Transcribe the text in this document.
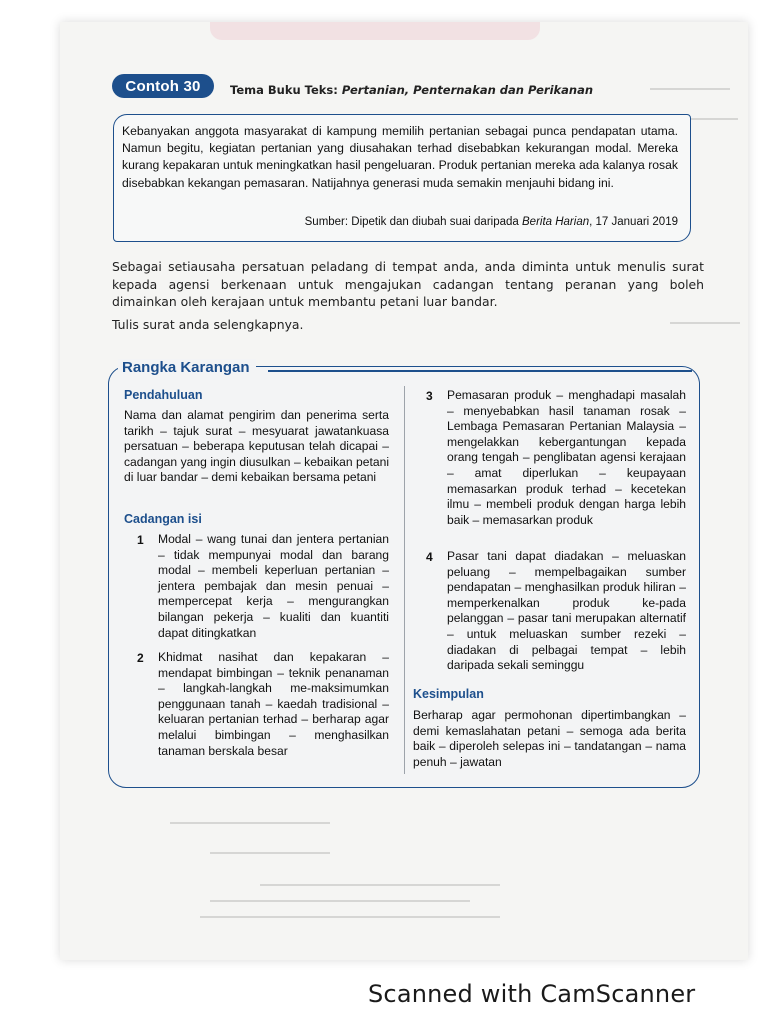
Contoh 30	Tema Buku Teks: Pertanian, Penternakan dan Perikanan
Kebanyakan anggota masyarakat di kampung memilih pertanian sebagai punca pendapatan utama. Namun begitu, kegiatan pertanian yang diusahakan terhad disebabkan kekurangan modal. Mereka kurang kepakaran untuk meningkatkan hasil pengeluaran. Produk pertanian mereka ada kalanya rosak disebabkan kekangan pemasaran. Natijahnya generasi muda semakin menjauhi bidang ini.
Sumber: Dipetik dan diubah suai daripada Berita Harian, 17 Januari 2019
Sebagai setiausaha persatuan peladang di tempat anda, anda diminta untuk menulis surat kepada agensi berkenaan untuk mengajukan cadangan tentang peranan yang boleh dimainkan oleh kerajaan untuk membantu petani luar bandar.
Tulis surat anda selengkapnya.
Rangka Karangan
Pendahuluan
Nama dan alamat pengirim dan penerima serta tarikh – tajuk surat – mesyuarat jawatankuasa persatuan – beberapa keputusan telah dicapai – cadangan yang ingin diusulkan – kebaikan petani di luar bandar – demi kebaikan bersama petani
Cadangan isi
1 Modal – wang tunai dan jentera pertanian – tidak mempunyai modal dan barang modal – membeli keperluan pertanian – jentera pembajak dan mesin penuai – mempercepat kerja – mengurangkan bilangan pekerja – kualiti dan kuantiti dapat ditingkatkan
2 Khidmat nasihat dan kepakaran – mendapat bimbingan – teknik penanaman – langkah-langkah me-maksimumkan penggunaan tanah – kaedah tradisional – keluaran pertanian terhad – berharap agar melalui bimbingan – menghasilkan tanaman berskala besar
3 Pemasaran produk – menghadapi masalah – menyebabkan hasil tanaman rosak – Lembaga Pemasaran Pertanian Malaysia – mengelakkan kebergantungan kepada orang tengah – penglibatan agensi kerajaan – amat diperlukan – keupayaan memasarkan produk terhad – kecetekan ilmu – membeli produk dengan harga lebih baik – memasarkan produk
4 Pasar tani dapat diadakan – meluaskan peluang – mempelbagaikan sumber pendapatan – menghasilkan produk hiliran – memperkenalkan produk ke-pada pelanggan – pasar tani merupakan alternatif – untuk meluaskan sumber rezeki – diadakan di pelbagai tempat – lebih daripada sekali seminggu
Kesimpulan
Berharap agar permohonan dipertimbangkan – demi kemaslahatan petani – semoga ada berita baik – diperoleh selepas ini – tandatangan – nama penuh – jawatan
Scanned with CamScanner
